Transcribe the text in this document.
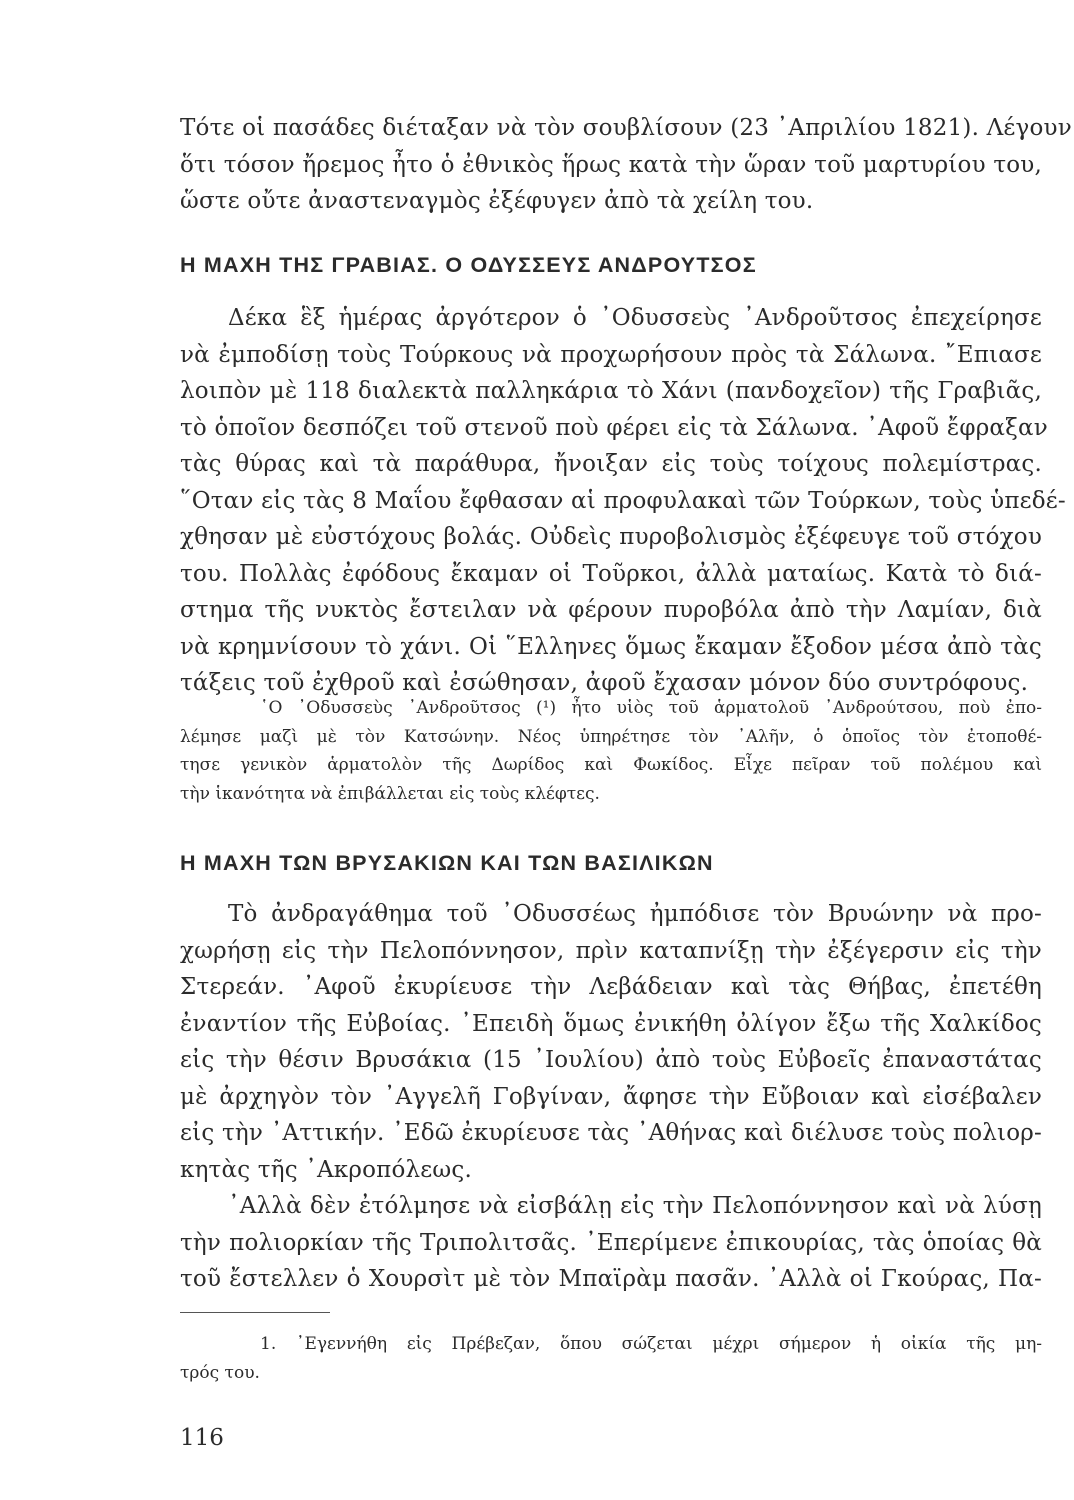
Τότε οἱ πασάδες διέταξαν νὰ τὸν σουβλίσουν (23 ᾿Απριλίου 1821). Λέγουν
ὅτι τόσον ἤρεμος ἦτο ὁ ἐθνικὸς ἥρως κατὰ τὴν ὥραν τοῦ μαρτυρίου του,
ὥστε οὔτε ἀναστεναγμὸς ἐξέφυγεν ἀπὸ τὰ χείλη του.
Η ΜΑΧΗ ΤΗΣ ΓΡΑΒΙΑΣ. Ο ΟΔΥΣΣΕΥΣ ΑΝΔΡΟΥΤΣΟΣ
Δέκα ἓξ ἡμέρας ἀργότερον ὁ ᾿Οδυσσεὺς ᾿Ανδροῦτσος ἐπεχείρησε
νὰ ἐμποδίσῃ τοὺς Τούρκους νὰ προχωρήσουν πρὸς τὰ Σάλωνα. ῎Επιασε
λοιπὸν μὲ 118 διαλεκτὰ παλληκάρια τὸ Χάνι (πανδοχεῖον) τῆς Γραβιᾶς,
τὸ ὁποῖον δεσπόζει τοῦ στενοῦ ποὺ φέρει εἰς τὰ Σάλωνα. ᾿Αφοῦ ἔφραξαν
τὰς θύρας καὶ τὰ παράθυρα, ἤνοιξαν εἰς τοὺς τοίχους πολεμίστρας.
῞Οταν εἰς τὰς 8 Μαΐου ἔφθασαν αἱ προφυλακαὶ τῶν Τούρκων, τοὺς ὑπεδέ-
χθησαν μὲ εὐστόχους βολάς. Οὐδεὶς πυροβολισμὸς ἐξέφευγε τοῦ στόχου
του. Πολλὰς ἐφόδους ἔκαμαν οἱ Τοῦρκοι, ἀλλὰ ματαίως. Κατὰ τὸ διά-
στημα τῆς νυκτὸς ἔστειλαν νὰ φέρουν πυροβόλα ἀπὸ τὴν Λαμίαν, διὰ
νὰ κρημνίσουν τὸ χάνι. Οἱ ῞Ελληνες ὅμως ἔκαμαν ἔξοδον μέσα ἀπὸ τὰς
τάξεις τοῦ ἐχθροῦ καὶ ἐσώθησαν, ἀφοῦ ἔχασαν μόνον δύο συντρόφους.
῾Ο ᾿Οδυσσεὺς ᾿Ανδροῦτσος (¹) ἦτο υἱὸς τοῦ ἁρματολοῦ ᾿Ανδρούτσου, ποὺ ἐπο-
λέμησε μαζὶ μὲ τὸν Κατσώνην. Νέος ὑπηρέτησε τὸν ᾿Αλῆν, ὁ ὁποῖος τὸν ἐτοποθέ-
τησε γενικὸν ἁρματολὸν τῆς Δωρίδος καὶ Φωκίδος. Εἶχε πεῖραν τοῦ πολέμου καὶ
τὴν ἱκανότητα νὰ ἐπιβάλλεται εἰς τοὺς κλέφτες.
Η ΜΑΧΗ ΤΩΝ ΒΡΥΣΑΚΙΩΝ ΚΑΙ ΤΩΝ ΒΑΣΙΛΙΚΩΝ
Τὸ ἀνδραγάθημα τοῦ ᾿Οδυσσέως ἠμπόδισε τὸν Βρυώνην νὰ προ-
χωρήσῃ εἰς τὴν Πελοπόννησον, πρὶν καταπνίξῃ τὴν ἐξέγερσιν εἰς τὴν
Στερεάν. ᾿Αφοῦ ἐκυρίευσε τὴν Λεβάδειαν καὶ τὰς Θήβας, ἐπετέθη
ἐναντίον τῆς Εὐβοίας. ᾿Επειδὴ ὅμως ἐνικήθη ὀλίγον ἔξω τῆς Χαλκίδος
εἰς τὴν θέσιν Βρυσάκια (15 ᾿Ιουλίου) ἀπὸ τοὺς Εὐβοεῖς ἐπαναστάτας
μὲ ἀρχηγὸν τὸν ᾿Αγγελῆ Γοβγίναν, ἄφησε τὴν Εὔβοιαν καὶ εἰσέβαλεν
εἰς τὴν ᾿Αττικήν. ᾿Εδῶ ἐκυρίευσε τὰς ᾿Αθήνας καὶ διέλυσε τοὺς πολιορ-
κητὰς τῆς ᾿Ακροπόλεως.
᾿Αλλὰ δὲν ἐτόλμησε νὰ εἰσβάλῃ εἰς τὴν Πελοπόννησον καὶ νὰ λύσῃ
τὴν πολιορκίαν τῆς Τριπολιτσᾶς. ᾿Επερίμενε ἐπικουρίας, τὰς ὁποίας θὰ
τοῦ ἔστελλεν ὁ Χουρσὶτ μὲ τὸν Μπαϊρὰμ πασᾶν. ᾿Αλλὰ οἱ Γκούρας, Πα-
1. ᾿Εγεννήθη εἰς Πρέβεζαν, ὅπου σώζεται μέχρι σήμερον ἡ οἰκία τῆς μη-
τρός του.
116
